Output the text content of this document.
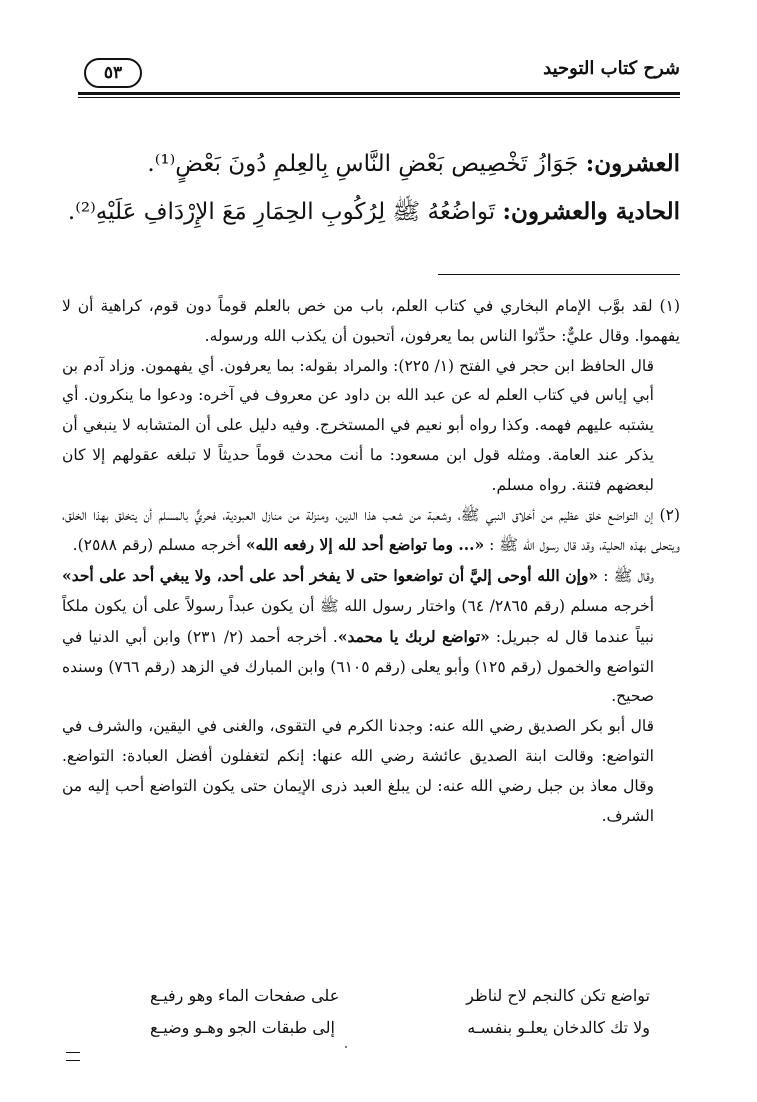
شرح كتاب التوحيد
٥٣
العشرون: جَوَازُ تَخْصِيص بَعْضِ النَّاسِ بِالعِلمِ دُونَ بَعْضٍ⁽¹⁾.
الحادية والعشرون: تَواضُعُهُ ﷺ لِرُكُوبِ الحِمَارِ مَعَ الإِرْدَافِ عَلَيْهِ⁽²⁾.

(١) لقد بوَّب الإمام البخاري في كتاب العلم، باب من خص بالعلم قوماً دون قوم، كراهية أن لا يفهموا. وقال عليٌّ: حدِّثوا الناس بما يعرفون، أتحبون أن يكذب الله ورسوله.

قال الحافظ ابن حجر في الفتح (١/ ٢٢٥): والمراد بقوله: بما يعرفون. أي يفهمون. وزاد آدم بن أبي إياس في كتاب العلم له عن عبد الله بن داود عن معروف في آخره: ودعوا ما ينكرون. أي يشتبه عليهم فهمه. وكذا رواه أبو نعيم في المستخرج. وفيه دليل على أن المتشابه لا ينبغي أن يذكر عند العامة. ومثله قول ابن مسعود: ما أنت محدث قوماً حديثاً لا تبلغه عقولهم إلا كان لبعضهم فتنة. رواه مسلم.

(٢) إن التواضع خلق عظيم من أخلاق النبي ﷺ، وشعبة من شعب هذا الدين، ومنزلة من منازل العبودية، فحريٌّ بالمسلم أن يتخلق بهذا الخلق، ويتحلى بهذه الحلية، وقد قال رسول الله ﷺ : «... وما تواضع أحد لله إلا رفعه الله» أخرجه مسلم (رقم ٢٥٨٨).

وقال ﷺ : «وإن الله أوحى إليَّ أن تواضعوا حتى لا يفخر أحد على أحد، ولا يبغي أحد على أحد» أخرجه مسلم (رقم ٢٨٦٥/ ٦٤) واختار رسول الله ﷺ أن يكون عبداً رسولاً على أن يكون ملكاً نبياً عندما قال له جبريل: «تواضع لربك يا محمد». أخرجه أحمد (٢/ ٢٣١) وابن أبي الدنيا في التواضع والخمول (رقم ١٢٥) وأبو يعلى (رقم ٦١٠٥) وابن المبارك في الزهد (رقم ٧٦٦) وسنده صحيح.

قال أبو بكر الصديق رضي الله عنه: وجدنا الكرم في التقوى، والغنى في اليقين، والشرف في التواضع: وقالت ابنة الصديق عائشة رضي الله عنها: إنكم لتغفلون أفضل العبادة: التواضع. وقال معاذ بن جبل رضي الله عنه: لن يبلغ العبد ذرى الإيمان حتى يكون التواضع أحب إليه من الشرف.

تواضع تكن كالنجم لاح لناظر
على صفحات الماء وهو رفيـع
ولا تك كالدخان يعلـو بنفسـه
إلى طبقات الجو وهـو وضيـع
